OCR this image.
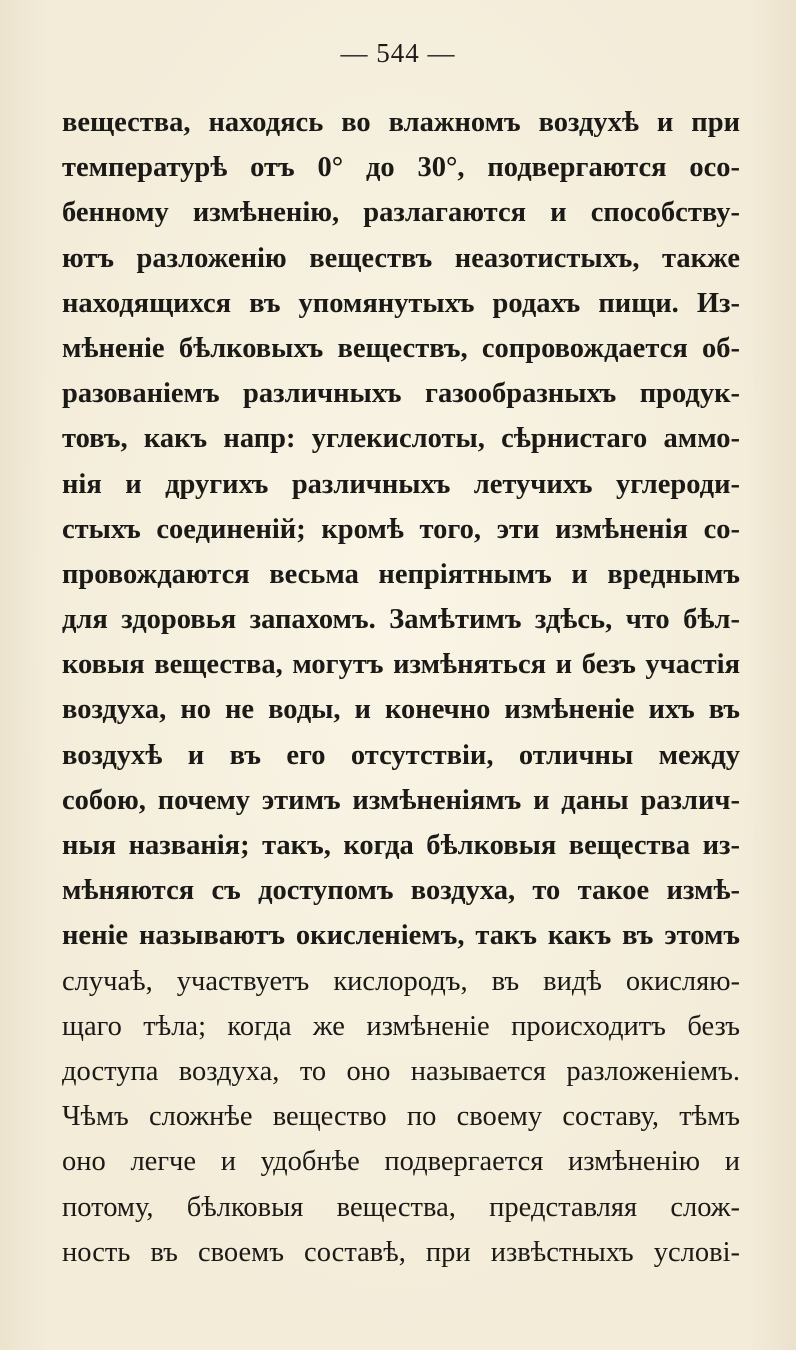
— 544 —
вещества, находясь во влажномъ воздухѣ и при
температурѣ отъ 0° до 30°, подвергаются осо-
бенному измѣненію, разлагаются и способству-
ютъ разложенію веществъ неазотистыхъ, также
находящихся въ упомянутыхъ родахъ пищи. Из-
мѣненіе бѣлковыхъ веществъ, сопровождается об-
разованіемъ различныхъ газообразныхъ продук-
товъ, какъ напр: углекислоты, сѣрнистаго аммо-
нія и другихъ различныхъ летучихъ углероди-
стыхъ соединеній; кромѣ того, эти измѣненія со-
провождаются весьма непріятнымъ и вреднымъ
для здоровья запахомъ. Замѣтимъ здѣсь, что бѣл-
ковыя вещества, могутъ измѣняться и безъ участія
воздуха, но не воды, и конечно измѣненіе ихъ въ
воздухѣ и въ его отсутствіи, отличны между
собою, почему этимъ измѣненіямъ и даны различ-
ныя названія; такъ, когда бѣлковыя вещества из-
мѣняются съ доступомъ воздуха, то такое измѣ-
неніе называютъ окисленіемъ, такъ какъ въ этомъ
случаѣ, участвуетъ кислородъ, въ видѣ окисляю-
щаго тѣла; когда же измѣненіе происходитъ безъ
доступа воздуха, то оно называется разложеніемъ.
Чѣмъ сложнѣе вещество по своему составу, тѣмъ
оно легче и удобнѣе подвергается измѣненію и
потому, бѣлковыя вещества, представляя слож-
ность въ своемъ составѣ, при извѣстныхъ услові-
